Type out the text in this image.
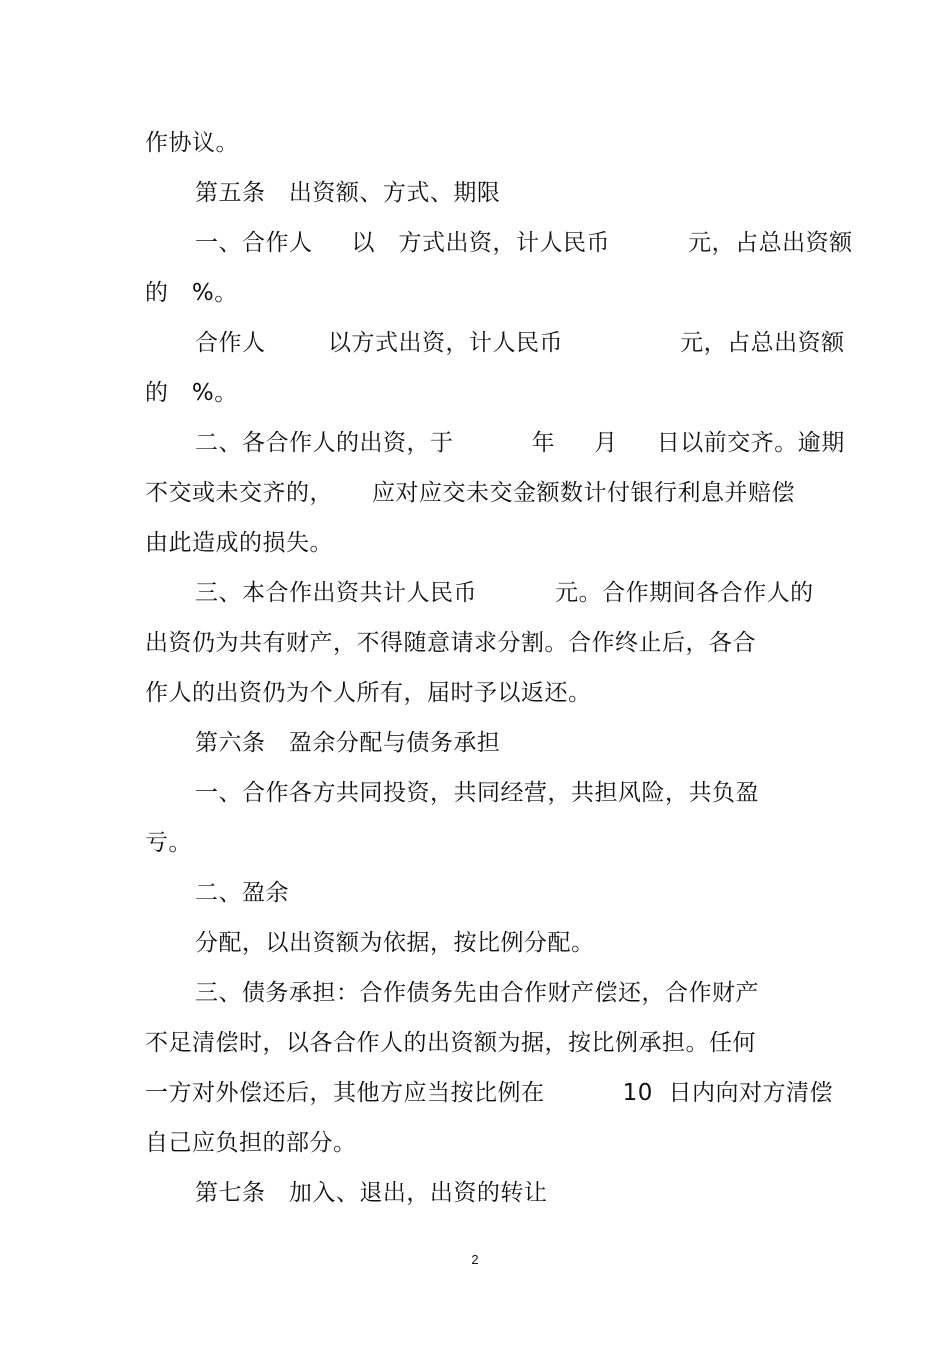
作协议。
第五条   出资额、方式、期限
一、合作人     以   方式出资，计人民币          元，占总出资额
的   %。
合作人        以方式出资，计人民币               元，占总出资额
的   %。
二、各合作人的出资，于          年     月     日以前交齐。逾期
不交或未交齐的，     应对应交未交金额数计付银行利息并赔偿
由此造成的损失。
三、本合作出资共计人民币          元。合作期间各合作人的
出资仍为共有财产，不得随意请求分割。合作终止后，各合
作人的出资仍为个人所有，届时予以返还。
第六条   盈余分配与债务承担
一、合作各方共同投资，共同经营，共担风险，共负盈
亏。
二、盈余
分配，以出资额为依据，按比例分配。
三、债务承担：合作债务先由合作财产偿还，合作财产
不足清偿时，以各合作人的出资额为据，按比例承担。任何
一方对外偿还后，其他方应当按比例在          10  日内向对方清偿
自己应负担的部分。
第七条   加入、退出，出资的转让
2
